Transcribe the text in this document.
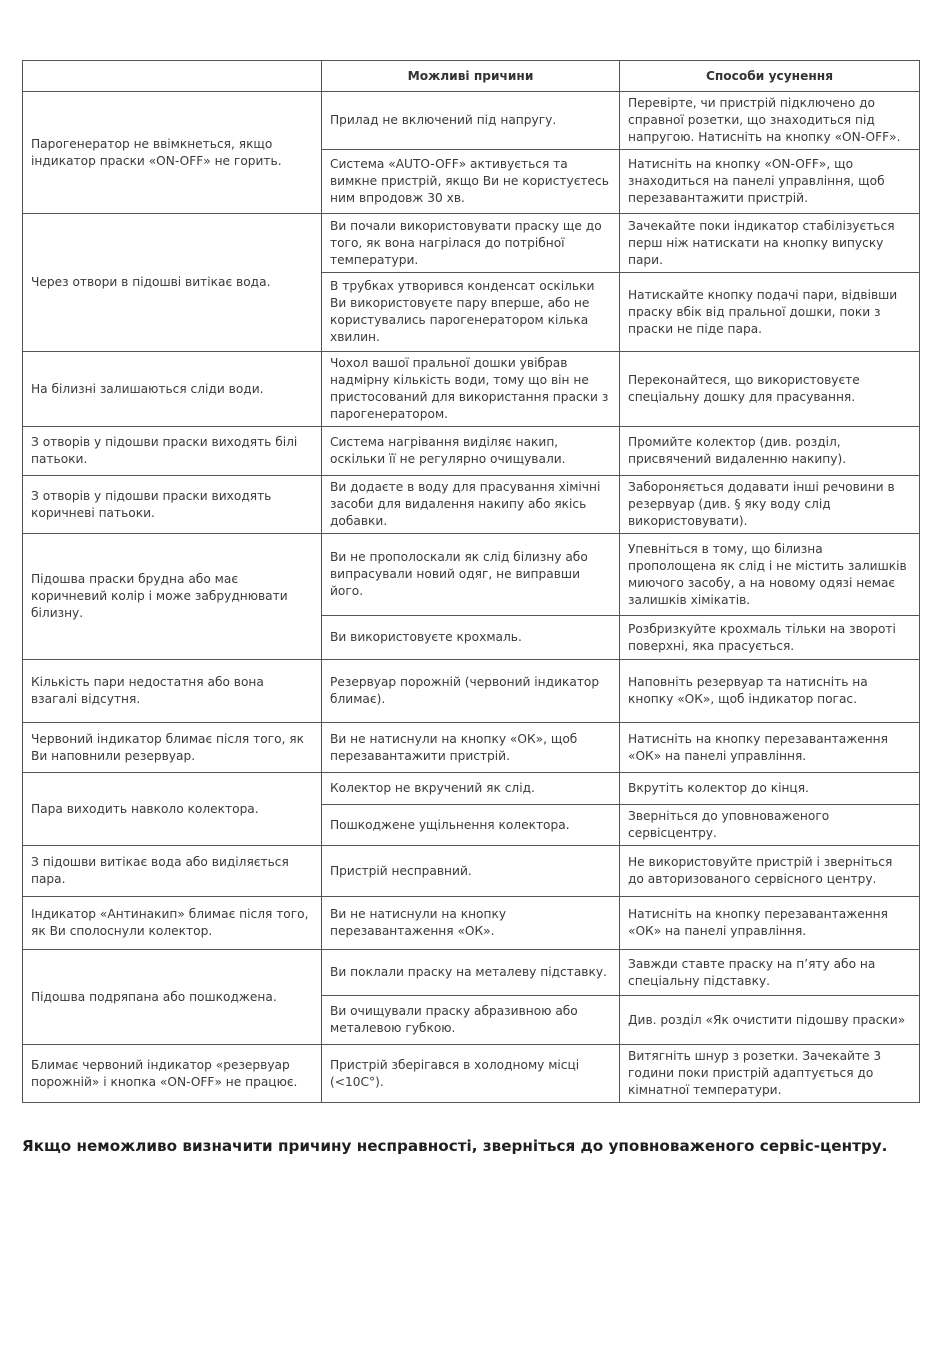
	Можливі причини	Способи усунення
Парогенератор не ввімкнеться, якщо індикатор праски «ON-OFF» не горить.	Прилад не включений під напругу.	Перевірте, чи пристрій підключено до справної розетки, що знаходиться під напругою. Натисніть на кнопку «ON-OFF».
	Система «AUTO-OFF» активується та вимкне пристрій, якщо Ви не користуєтесь ним впродовж 30 хв.	Натисніть на кнопку «ON-OFF», що знаходиться на панелі управління, щоб перезавантажити пристрій.
Через отвори в підошві витікає вода.	Ви почали використовувати праску ще до того, як вона нагрілася до потрібної температури.	Зачекайте поки індикатор стабілізується перш ніж натискати на кнопку випуску пари.
	В трубках утворився конденсат оскільки Ви використовуєте пару вперше, або не користувались парогенератором кілька хвилин.	Натискайте кнопку подачі пари, відвівши праску вбік від пральної дошки, поки з праски не піде пара.
На білизні залишаються сліди води.	Чохол вашої пральної дошки увібрав надмірну кількість води, тому що він не пристосований для використання праски з парогенератором.	Переконайтеся, що використовуєте спеціальну дошку для прасування.
З отворів у підошви праски виходять білі патьоки.	Система нагрівання виділяє накип, оскільки її не регулярно очищували.	Промийте колектор (див. розділ, присвячений видаленню накипу).
З отворів у підошви праски виходять коричневі патьоки.	Ви додаєте в воду для прасування хімічні засоби для видалення накипу або якісь добавки.	Забороняється додавати інші речовини в резервуар (див. § яку воду слід використовувати).
Підошва праски брудна або має коричневий колір і може забруднювати білизну.	Ви не прополоскали як слід білизну або випрасували новий одяг, не виправши його.	Упевніться в тому, що білизна прополощена як слід і не містить залишків миючого засобу, а на новому одязі немає залишків хімікатів.
	Ви використовуєте крохмаль.	Розбризкуйте крохмаль тільки на звороті поверхні, яка прасується.
Кількість пари недостатня або вона взагалі відсутня.	Резервуар порожній (червоний індикатор блимає).	Наповніть резервуар та натисніть на кнопку «ОК», щоб індикатор погас.
Червоний індикатор блимає після того, як Ви наповнили резервуар.	Ви не натиснули на кнопку «ОК», щоб перезавантажити пристрій.	Натисніть на кнопку перезавантаження «ОК» на панелі управління.
Пара виходить навколо колектора.	Колектор не вкручений як слід.	Вкрутіть колектор до кінця.
	Пошкоджене ущільнення колектора.	Зверніться до уповноваженого сервісцентру.
З підошви витікає вода або виділяється пара.	Пристрій несправний.	Не використовуйте пристрій і зверніться до авторизованого сервісного центру.
Індикатор «Антинакип» блимає після того, як Ви сполоснули колектор.	Ви не натиснули на кнопку перезавантаження «ОК».	Натисніть на кнопку перезавантаження «ОК» на панелі управління.
Підошва подряпана або пошкоджена.	Ви поклали праску на металеву підставку.	Завжди ставте праску на п’яту або на спеціальну підставку.
	Ви очищували праску абразивною або металевою губкою.	Див. розділ «Як очистити підошву праски»
Блимає червоний індикатор «резервуар порожній» і кнопка «ON-OFF» не працює.	Пристрій зберігався в холодному місці (<10C°).	Витягніть шнур з розетки. Зачекайте 3 години поки пристрій адаптується до кімнатної температури.
Якщо неможливо визначити причину несправності, зверніться до уповноваженого сервіс-центру.
